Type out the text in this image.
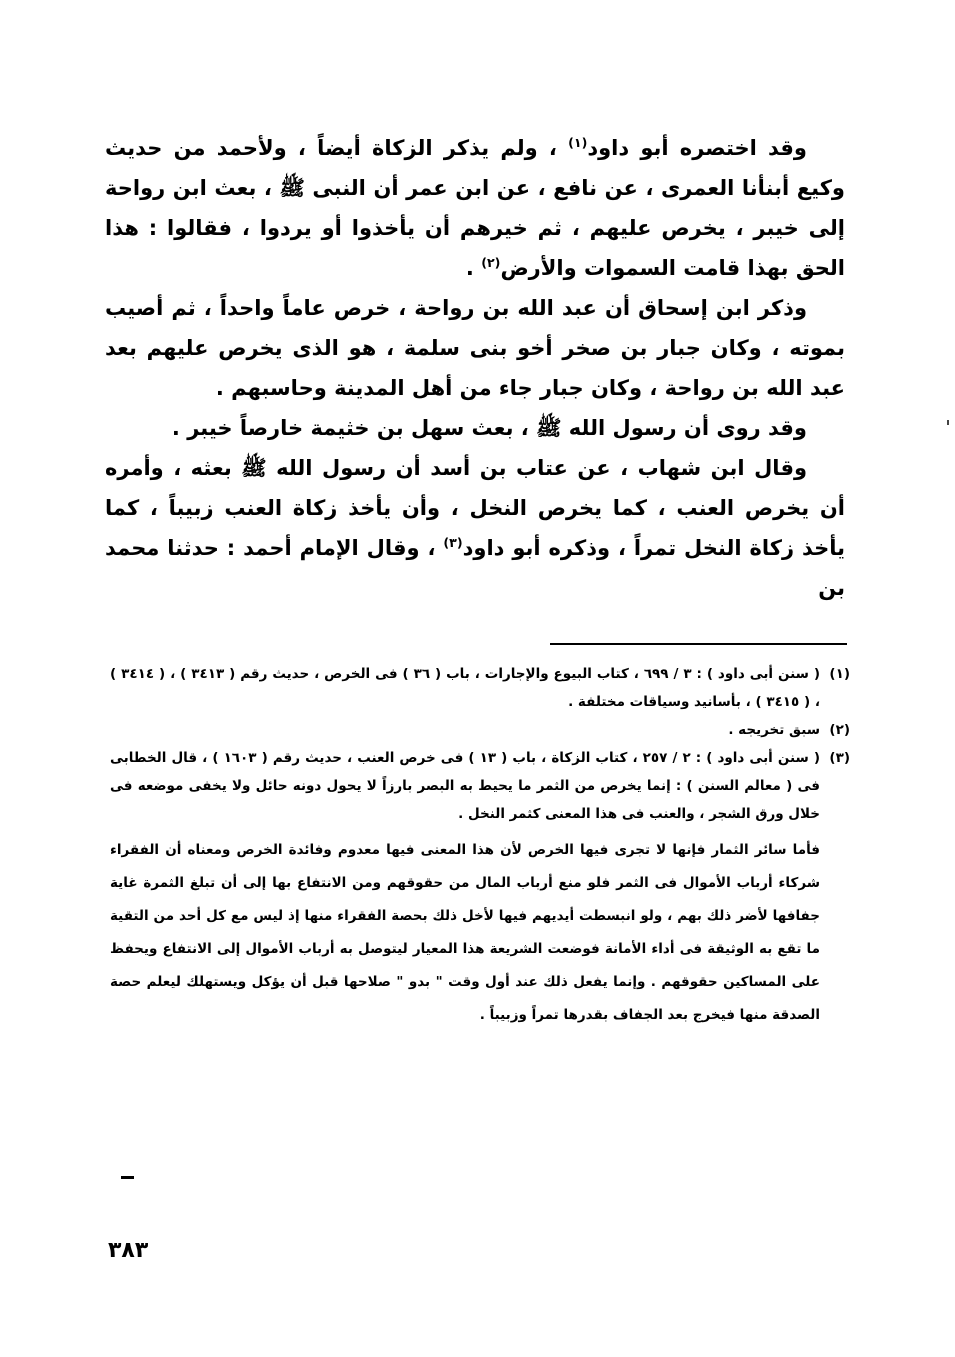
وقد اختصره أبو داود$^{(١)}$ ، ولم يذكر الزكاة أيضاً ، ولأحمد من حديث وكيع أبنأنا العمرى ، عن نافع ، عن ابن عمر أن النبى ﷺ ، بعث ابن رواحة إلى خيبر ، يخرص عليهم ، ثم خيرهم أن يأخذوا أو يردوا ، فقالوا : هذا الحق بهذا قامت السموات والأرض$^{(٢)}$ .

وذكر ابن إسحاق أن عبد الله بن رواحة ، خرص عاماً واحداً ، ثم أصيب بموته ، وكان جبار بن صخر أخو بنى سلمة ، هو الذى يخرص عليهم بعد عبد الله بن رواحة ، وكان جبار جاء من أهل المدينة وحاسبهم .

وقد روى أن رسول الله ﷺ ، بعث سهل بن خثيمة خارصاً خيبر .

وقال ابن شهاب ، عن عتاب بن أسد أن رسول الله ﷺ بعثه ، وأمره أن يخرص العنب ، كما يخرص النخل ، وأن يأخذ زكاة العنب زبيباً ، كما يأخذ زكاة النخل تمراً ، وذكره أبو داود$^{(٣)}$ ، وقال الإمام أحمد : حدثنا محمد بن

(١)
( سنن أبى داود ) : ٣ / ٦٩٩ ، كتاب البيوع والإجارات ، باب ( ٣٦ ) فى الخرص ، حديث رقم ( ٣٤١٣ ) ، ( ٣٤١٤ ) ، ( ٣٤١٥ ) ، بأسانيد وسياقات مختلفة .
(٢)
سبق تخريجه .
(٣)
( سنن أبى داود ) : ٢ / ٢٥٧ ، كتاب الزكاة ، باب ( ١٣ ) فى خرص العنب ، حديث رقم ( ١٦٠٣ ) ، قال الخطابى فى ( معالم السنن ) : إنما يخرص من الثمر ما يحيط به البصر بارزاً لا يحول دونه حائل ولا يخفى موضعه فى خلال ورق الشجر ، والعنب فى هذا المعنى كثمر النخل .
فأما سائر الثمار فإنها لا تجرى فيها الخرص لأن هذا المعنى فيها معدوم وفائدة الخرص ومعناه أن الفقراء شركاء أرباب الأموال فى الثمر فلو منع أرباب المال من حقوقهم ومن الانتفاع بها إلى أن تبلغ الثمرة غاية جفافها لأضر ذلك بهم ، ولو انبسطت أيديهم فيها لأخل ذلك بحصة الفقراء منها إذ ليس مع كل أحد من التقية ما تقع به الوثيقة فى أداء الأمانة فوضعت الشريعة هذا المعيار ليتوصل به أرباب الأموال إلى الانتفاع ويحفظ على المساكين حقوقهم . وإنما يفعل ذلك عند أول وقت " بدو " صلاحها قبل أن يؤكل ويستهلك ليعلم حصة الصدقة منها فيخرج بعد الجفاف بقدرها تمراً وزبيباً .
٣٨٣
